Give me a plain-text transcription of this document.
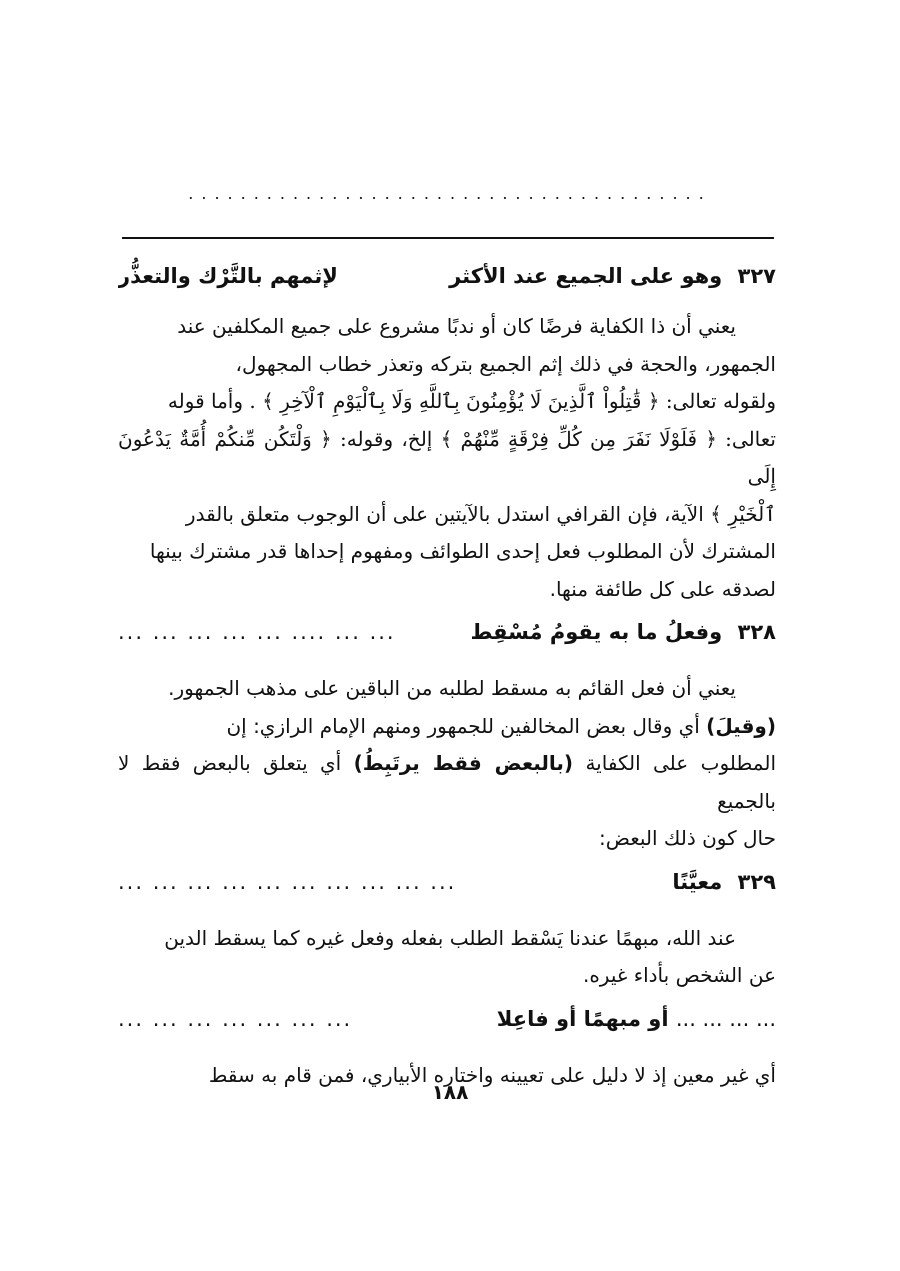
........................................
٣٢٧ وهو على الجميع عند الأكثر
لإثمهم بالتَّرْك والتعذُّر

يعني أن ذا الكفاية فرضًا كان أو ندبًا مشروع على جميع المكلفين عند

الجمهور، والحجة في ذلك إثم الجميع بتركه وتعذر خطاب المجهول،

ولقوله تعالى: ﴿ قَٰتِلُواْ ٱلَّذِينَ لَا يُؤْمِنُونَ بِٱللَّهِ وَلَا بِٱلْيَوْمِ ٱلْآخِرِ ﴾ . وأما قوله

تعالى: ﴿ فَلَوْلَا نَفَرَ مِن كُلِّ فِرْقَةٍ مِّنْهُمْ ﴾ إلخ، وقوله: ﴿ وَلْتَكُن مِّنكُمْ أُمَّةٌ يَدْعُونَ إِلَى

ٱلْخَيْرِ ﴾ الآية، فإن القرافي استدل بالآيتين على أن الوجوب متعلق بالقدر

المشترك لأن المطلوب فعل إحدى الطوائف ومفهوم إحداها قدر مشترك بينها

لصدقه على كل طائفة منها.

٣٢٨ وفعلُ ما به يقومُ مُسْقِط
... ... .... ... ... ... ... ...

يعني أن فعل القائم به مسقط لطلبه من الباقين على مذهب الجمهور.

(وقيلَ) أي وقال بعض المخالفين للجمهور ومنهم الإمام الرازي: إن

المطلوب على الكفاية (بالبعض فقط يرتَبِطُ) أي يتعلق بالبعض فقط لا بالجميع

حال كون ذلك البعض:

٣٢٩ معيَّنًا
... ... ... ... ... ... ... ... ... ...

عند الله، مبهمًا عندنا يَسْقط الطلب بفعله وفعل غيره كما يسقط الدين

عن الشخص بأداء غيره.

... ... ... ... أو مبهمًا أو فاعِلا
... ... ... ... ... ... ...

أي غير معين إذ لا دليل على تعيينه واختاره الأبياري، فمن قام به سقط

١٨٨
